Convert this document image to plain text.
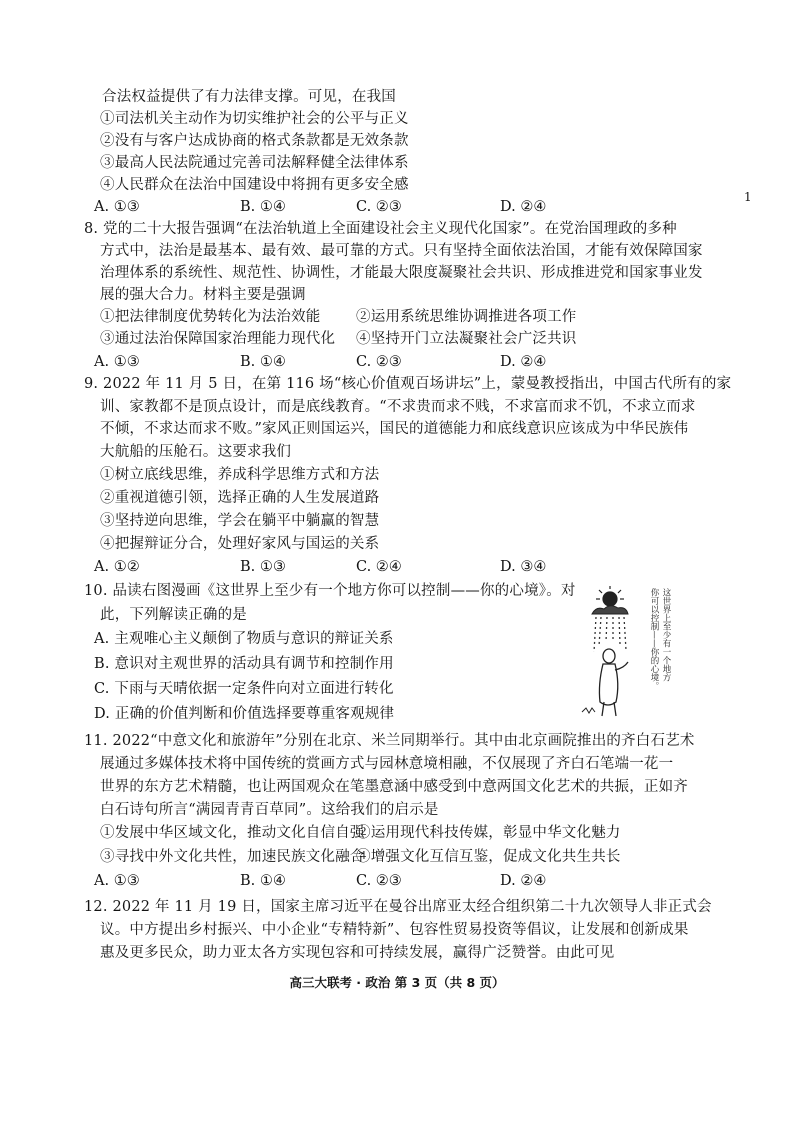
合法权益提供了有力法律支撑。可见，在我国
①司法机关主动作为切实维护社会的公平与正义
②没有与客户达成协商的格式条款都是无效条款
③最高人民法院通过完善司法解释健全法律体系
④人民群众在法治中国建设中将拥有更多安全感
A. ①③	B. ①④	C. ②③	D. ②④
1
8. 党的二十大报告强调“在法治轨道上全面建设社会主义现代化国家”。在党治国理政的多种
方式中，法治是最基本、最有效、最可靠的方式。只有坚持全面依法治国，才能有效保障国家
治理体系的系统性、规范性、协调性，才能最大限度凝聚社会共识、形成推进党和国家事业发
展的强大合力。材料主要是强调
①把法律制度优势转化为法治效能 ②运用系统思维协调推进各项工作
③通过法治保障国家治理能力现代化 ④坚持开门立法凝聚社会广泛共识
A. ①③	B. ①④	C. ②③	D. ②④
9. 2022 年 11 月 5 日，在第 116 场“核心价值观百场讲坛”上，蒙曼教授指出，中国古代所有的家
训、家教都不是顶点设计，而是底线教育。“不求贵而求不贱，不求富而求不饥，不求立而求
不倾，不求达而求不败。”家风正则国运兴，国民的道德能力和底线意识应该成为中华民族伟
大航船的压舱石。这要求我们
①树立底线思维，养成科学思维方式和方法
②重视道德引领，选择正确的人生发展道路
③坚持逆向思维，学会在躺平中躺赢的智慧
④把握辩证分合，处理好家风与国运的关系
A. ①②	B. ①③	C. ②④	D. ③④
10. 品读右图漫画《这世界上至少有一个地方你可以控制——你的心境》。对
此，下列解读正确的是
A. 主观唯心主义颠倒了物质与意识的辩证关系
B. 意识对主观世界的活动具有调节和控制作用
C. 下雨与天晴依据一定条件向对立面进行转化
D. 正确的价值判断和价值选择要尊重客观规律
这世界上至少有一个地方
你可以控制——你的心境。
11. 2022“中意文化和旅游年”分别在北京、米兰同期举行。其中由北京画院推出的齐白石艺术
展通过多媒体技术将中国传统的赏画方式与园林意境相融，不仅展现了齐白石笔端一花一
世界的东方艺术精髓，也让两国观众在笔墨意涵中感受到中意两国文化艺术的共振，正如齐
白石诗句所言“满园青青百草同”。这给我们的启示是
①发展中华区域文化，推动文化自信自强
②运用现代科技传媒，彰显中华文化魅力
③寻找中外文化共性，加速民族文化融合
④增强文化互信互鉴，促成文化共生共长
A. ①③	B. ①④	C. ②③	D. ②④
12. 2022 年 11 月 19 日，国家主席习近平在曼谷出席亚太经合组织第二十九次领导人非正式会
议。中方提出乡村振兴、中小企业“专精特新”、包容性贸易投资等倡议，让发展和创新成果
惠及更多民众，助力亚太各方实现包容和可持续发展，赢得广泛赞誉。由此可见
高三大联考 · 政治 第 3 页（共 8 页）
